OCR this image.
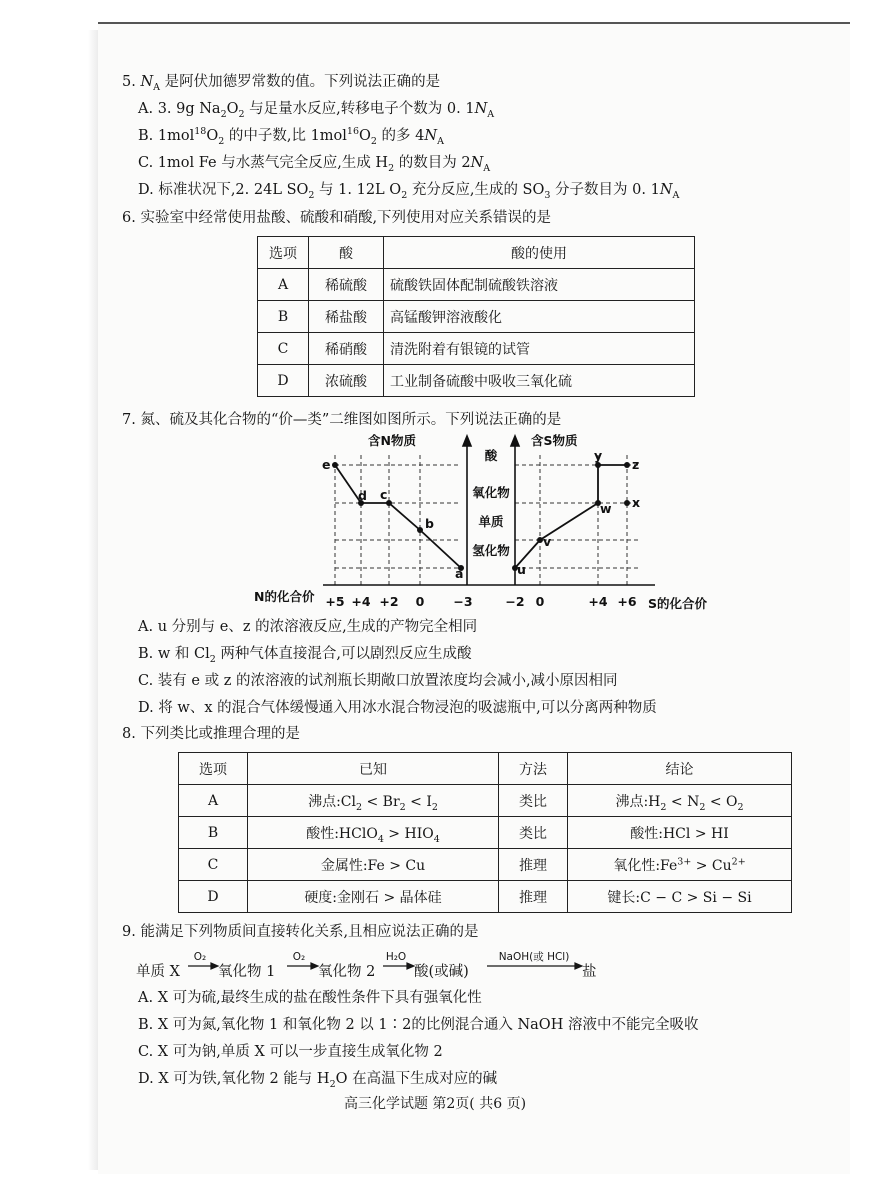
5. $N_A$ 是阿伏加德罗常数的值。下列说法正确的是
A. 3. 9g $Na_2O_2$ 与足量水反应,转移电子个数为 0. $1N_A$
B. $1mol^{18}O_2$ 的中子数,比 $1mol^{16}O_2$ 的多 $4N_A$
C. 1mol Fe 与水蒸气完全反应,生成 $H_2$ 的数目为 $2N_A$
D. 标准状况下,2. 24L $SO_2$ 与 1. 12L $O_2$ 充分反应,生成的 $SO_3$ 分子数目为 0. $1N_A$
6. 实验室中经常使用盐酸、硫酸和硝酸,下列使用对应关系错误的是
选项	酸	酸的使用
A	稀硫酸	硫酸铁固体配制硫酸铁溶液
B	稀盐酸	高锰酸钾溶液酸化
C	稀硝酸	清洗附着有银镜的试管
D	浓硫酸	工业制备硫酸中吸收三氧化硫
7. 氮、硫及其化合物的“价—类”二维图如图所示。下列说法正确的是
含N物质	含S物质
酸
氧化物
单质
氢化物
e
d c
b
a	u
v
w x
y
z
N的化合价	S的化合价
+5 +4 +2 0 −3	−2 0	+4 +6
A. u 分别与 e、z 的浓溶液反应,生成的产物完全相同
B. w 和 $Cl_2$ 两种气体直接混合,可以剧烈反应生成酸
C. 装有 e 或 z 的浓溶液的试剂瓶长期敞口放置浓度均会减小,减小原因相同
D. 将 w、x 的混合气体缓慢通入用冰水混合物浸泡的吸滤瓶中,可以分离两种物质
8. 下列类比或推理合理的是
选项	已知	方法	结论
A	沸点$:Cl_2 < Br_2 < I_2$	类比	沸点$:H_2 < N_2 < O_2$
B	酸性:HClO$_4$ > $HIO_4$	类比	酸性:HCl > HI
C	金属性:Fe > Cu	推理	氧化性$:Fe^{3+} > Cu^{2+}$
D	硬度:金刚石 > 晶体硅	推理	键长:C − C > Si − Si
9. 能满足下列物质间直接转化关系,且相应说法正确的是
单质 X	氧化物 1	氧化物 2	酸(或碱)	盐
O₂	O₂	H₂O	NaOH(或 HCl)
A. X 可为硫,最终生成的盐在酸性条件下具有强氧化性
B. X 可为氮,氧化物 1 和氧化物 2 以 1∶2的比例混合通入 NaOH 溶液中不能完全吸收
C. X 可为钠,单质 X 可以一步直接生成氧化物 2
D. X 可为铁,氧化物 2 能与 $H_2O$ 在高温下生成对应的碱
高三化学试题 第2页( 共6 页)
